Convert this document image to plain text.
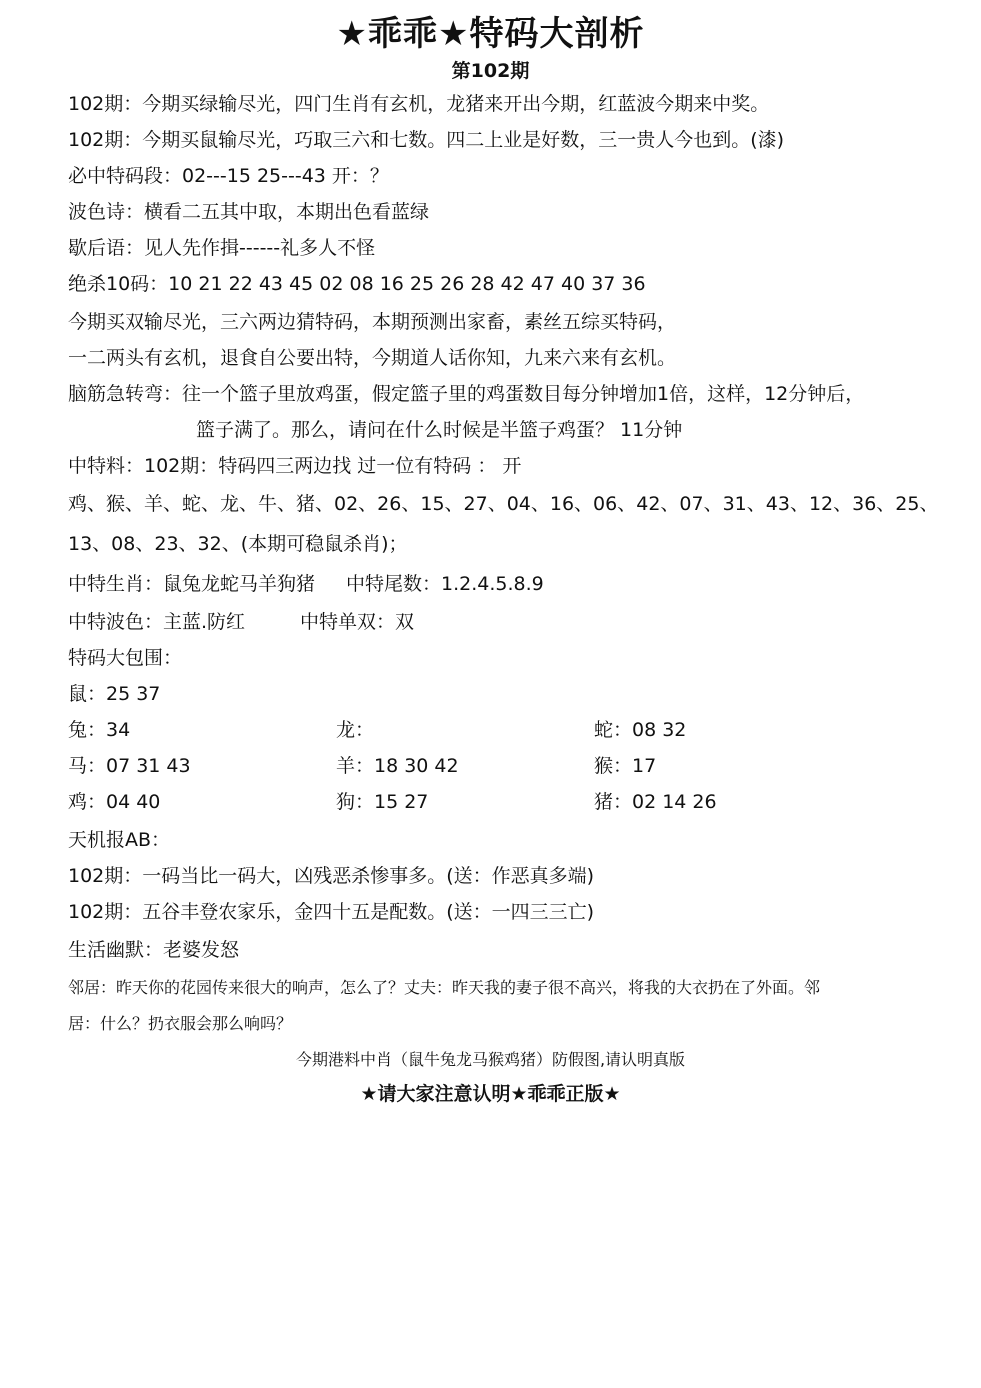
★乖乖★特码大剖析
第102期
102期：今期买绿输尽光，四门生肖有玄机，龙猪来开出今期，红蓝波今期来中奖。
102期：今期买鼠输尽光，巧取三六和七数。四二上业是好数，三一贵人今也到。(漆)
必中特码段：02---15 25---43 开：？
波色诗：横看二五其中取，本期出色看蓝绿
歇后语：见人先作揖------礼多人不怪
绝杀10码：10 21 22 43 45 02 08 16 25 26 28 42 47 40 37 36
今期买双输尽光，三六两边猜特码，本期预测出家畜，素丝五综买特码，
一二两头有玄机，退食自公要出特，今期道人话你知，九来六来有玄机。
脑筋急转弯：往一个篮子里放鸡蛋，假定篮子里的鸡蛋数目每分钟增加1倍，这样，12分钟后，
篮子满了。那么，请问在什么时候是半篮子鸡蛋？ 11分钟
中特料：102期：特码四三两边找 过一位有特码 ： 开
鸡、猴、羊、蛇、龙、牛、猪、02、26、15、27、04、16、06、42、07、31、43、12、36、25、
13、08、23、32、(本期可稳鼠杀肖)；
中特生肖：鼠兔龙蛇马羊狗猪 中特尾数：1.2.4.5.8.9
中特波色：主蓝.防红	中特单双：双
特码大包围：
鼠：25 37
兔：34	龙：	蛇：08 32
马：07 31 43	羊：18 30 42	猴：17
鸡：04 40	狗：15 27	猪：02 14 26
天机报AB：
102期：一码当比一码大，凶残恶杀惨事多。(送：作恶真多端)
102期：五谷丰登农家乐，金四十五是配数。(送：一四三三亡)
生活幽默：老婆发怒
邻居：昨天你的花园传来很大的响声，怎么了？丈夫：昨天我的妻子很不高兴，将我的大衣扔在了外面。邻
居：什么？扔衣服会那么响吗？
今期港料中肖（鼠牛兔龙马猴鸡猪）防假图,请认明真版
★请大家注意认明★乖乖正版★
